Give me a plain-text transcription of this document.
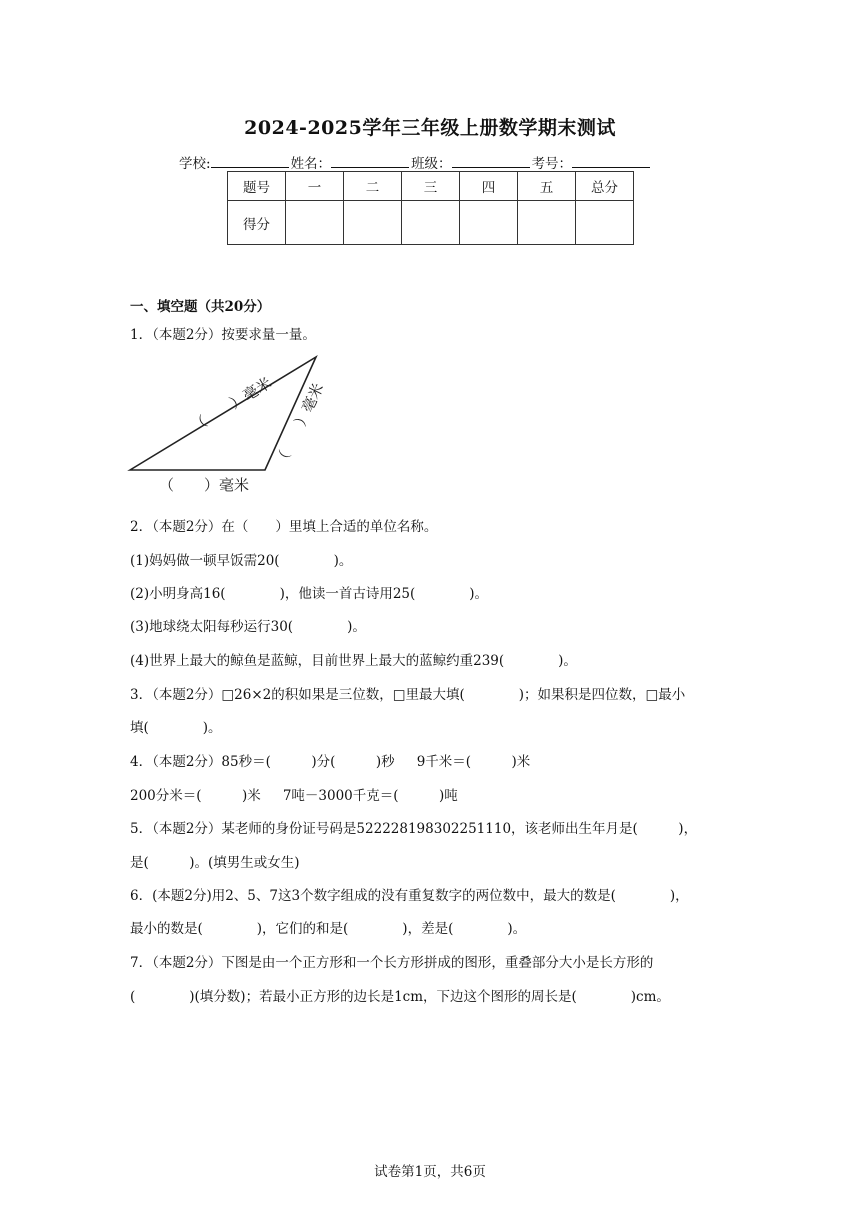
2024-2025学年三年级上册数学期末测试
学校:	姓名：	班级：	考号：
题号	一	二	三	四	五	总分
得分						
一、填空题（共20分）
1．（本题2分）按要求量一量。
（　　）毫米
（　　）毫米
（　　）毫米
2．（本题2分）在（　　）里填上合适的单位名称。
(1)妈妈做一顿早饭需20(　　　　)。
(2)小明身高16(　　　　)，他读一首古诗用25(　　　　)。
(3)地球绕太阳每秒运行30(　　　　)。
(4)世界上最大的鲸鱼是蓝鲸，目前世界上最大的蓝鲸约重239(　　　　)。
3．（本题2分）□26×2的积如果是三位数，□里最大填(　　　　)；如果积是四位数，□最小
填(　　　　)。
4．（本题2分）85秒＝(　　　)分(　　　)秒 9千米＝(　　　)米
200分米＝(　　　)米 7吨－3000千克＝(　　　)吨
5．（本题2分）某老师的身份证号码是522228198302251110，该老师出生年月是(　　　)，
是(　　　)。(填男生或女生)
6．(本题2分)用2、5、7这3个数字组成的没有重复数字的两位数中，最大的数是(　　　　)，
最小的数是(　　　　)，它们的和是(　　　　)，差是(　　　　)。
7．（本题2分）下图是由一个正方形和一个长方形拼成的图形，重叠部分大小是长方形的
(　　　　)(填分数)；若最小正方形的边长是1cm，下边这个图形的周长是(　　　　)cm。
试卷第1页，共6页
